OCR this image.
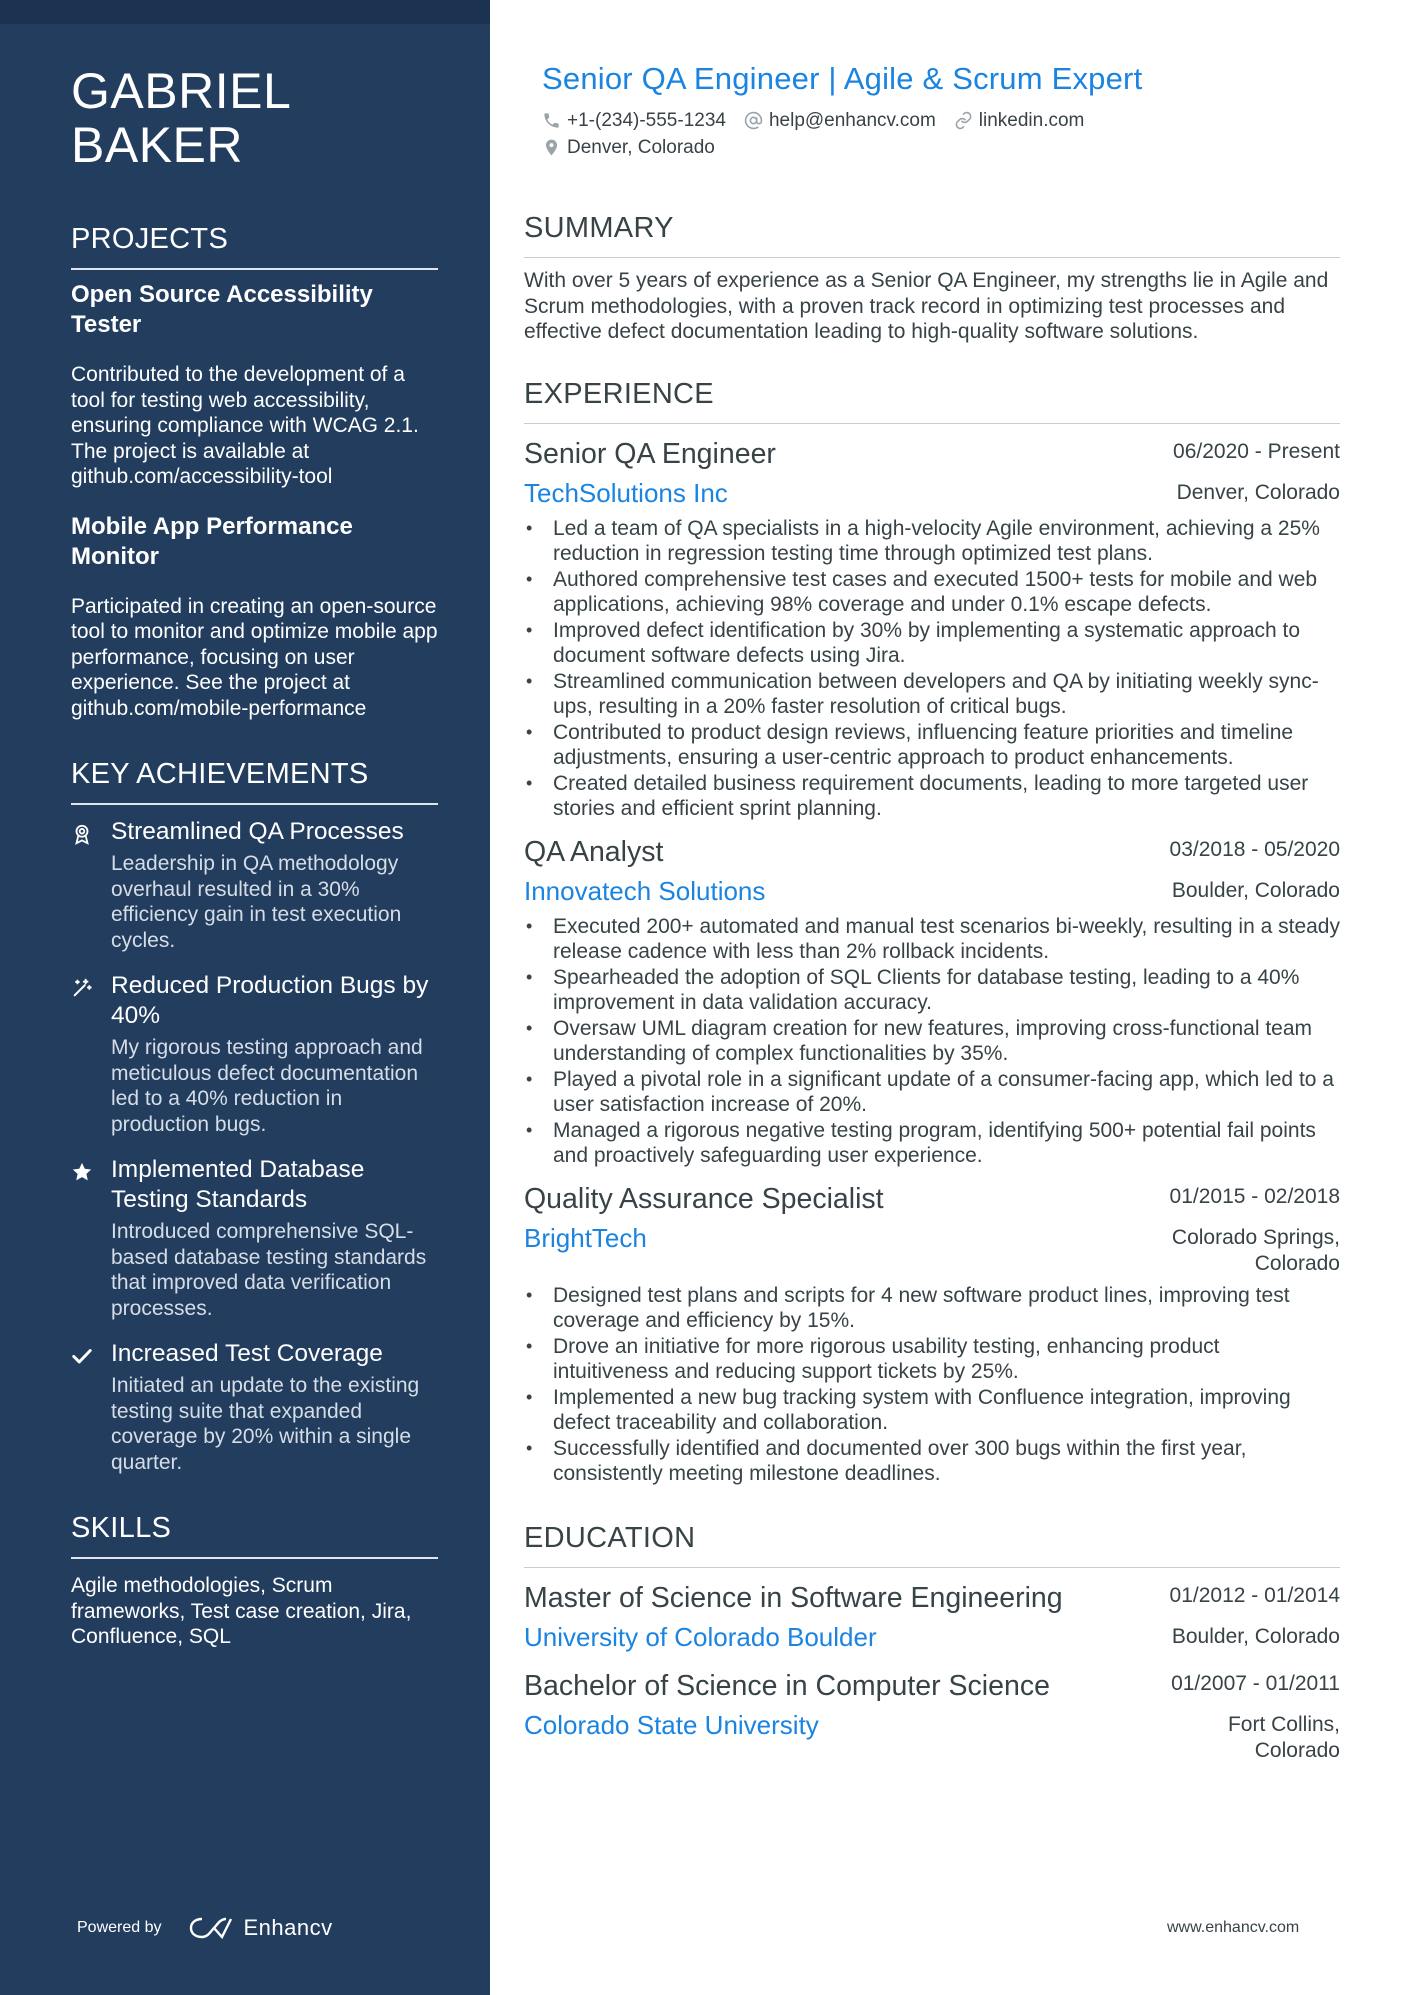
GABRIEL
BAKER
PROJECTS
Open Source Accessibility Tester
Contributed to the development of a tool for testing web accessibility, ensuring compliance with WCAG 2.1. The project is available at github.com/accessibility-tool
Mobile App Performance Monitor
Participated in creating an open-source tool to monitor and optimize mobile app performance, focusing on user experience. See the project at github.com/mobile-performance
KEY ACHIEVEMENTS
Streamlined QA Processes
Leadership in QA methodology overhaul resulted in a 30% efficiency gain in test execution cycles.
Reduced Production Bugs by 40%
My rigorous testing approach and meticulous defect documentation led to a 40% reduction in production bugs.
Implemented Database Testing Standards
Introduced comprehensive SQL-based database testing standards that improved data verification processes.
Increased Test Coverage
Initiated an update to the existing testing suite that expanded coverage by 20% within a single quarter.
SKILLS
Agile methodologies, Scrum frameworks, Test case creation, Jira, Confluence, SQL
Powered by	Enhancv
Senior QA Engineer | Agile & Scrum Expert
+1-(234)-555-1234 help@enhancv.com linkedin.com
Denver, Colorado
SUMMARY
With over 5 years of experience as a Senior QA Engineer, my strengths lie in Agile and Scrum methodologies, with a proven track record in optimizing test processes and effective defect documentation leading to high-quality software solutions.
EXPERIENCE
Senior QA Engineer	06/2020 - Present
TechSolutions Inc	Denver, Colorado
• Led a team of QA specialists in a high-velocity Agile environment, achieving a 25% reduction in regression testing time through optimized test plans.
• Authored comprehensive test cases and executed 1500+ tests for mobile and web applications, achieving 98% coverage and under 0.1% escape defects.
• Improved defect identification by 30% by implementing a systematic approach to document software defects using Jira.
• Streamlined communication between developers and QA by initiating weekly sync-ups, resulting in a 20% faster resolution of critical bugs.
• Contributed to product design reviews, influencing feature priorities and timeline adjustments, ensuring a user-centric approach to product enhancements.
• Created detailed business requirement documents, leading to more targeted user stories and efficient sprint planning.
QA Analyst	03/2018 - 05/2020
Innovatech Solutions	Boulder, Colorado
• Executed 200+ automated and manual test scenarios bi-weekly, resulting in a steady release cadence with less than 2% rollback incidents.
• Spearheaded the adoption of SQL Clients for database testing, leading to a 40% improvement in data validation accuracy.
• Oversaw UML diagram creation for new features, improving cross-functional team understanding of complex functionalities by 35%.
• Played a pivotal role in a significant update of a consumer-facing app, which led to a user satisfaction increase of 20%.
• Managed a rigorous negative testing program, identifying 500+ potential fail points and proactively safeguarding user experience.
Quality Assurance Specialist	01/2015 - 02/2018
BrightTech	Colorado Springs, Colorado
• Designed test plans and scripts for 4 new software product lines, improving test coverage and efficiency by 15%.
• Drove an initiative for more rigorous usability testing, enhancing product intuitiveness and reducing support tickets by 25%.
• Implemented a new bug tracking system with Confluence integration, improving defect traceability and collaboration.
• Successfully identified and documented over 300 bugs within the first year, consistently meeting milestone deadlines.
EDUCATION
Master of Science in Software Engineering	01/2012 - 01/2014
University of Colorado Boulder	Boulder, Colorado
Bachelor of Science in Computer Science	01/2007 - 01/2011
Colorado State University	Fort Collins, Colorado
www.enhancv.com
